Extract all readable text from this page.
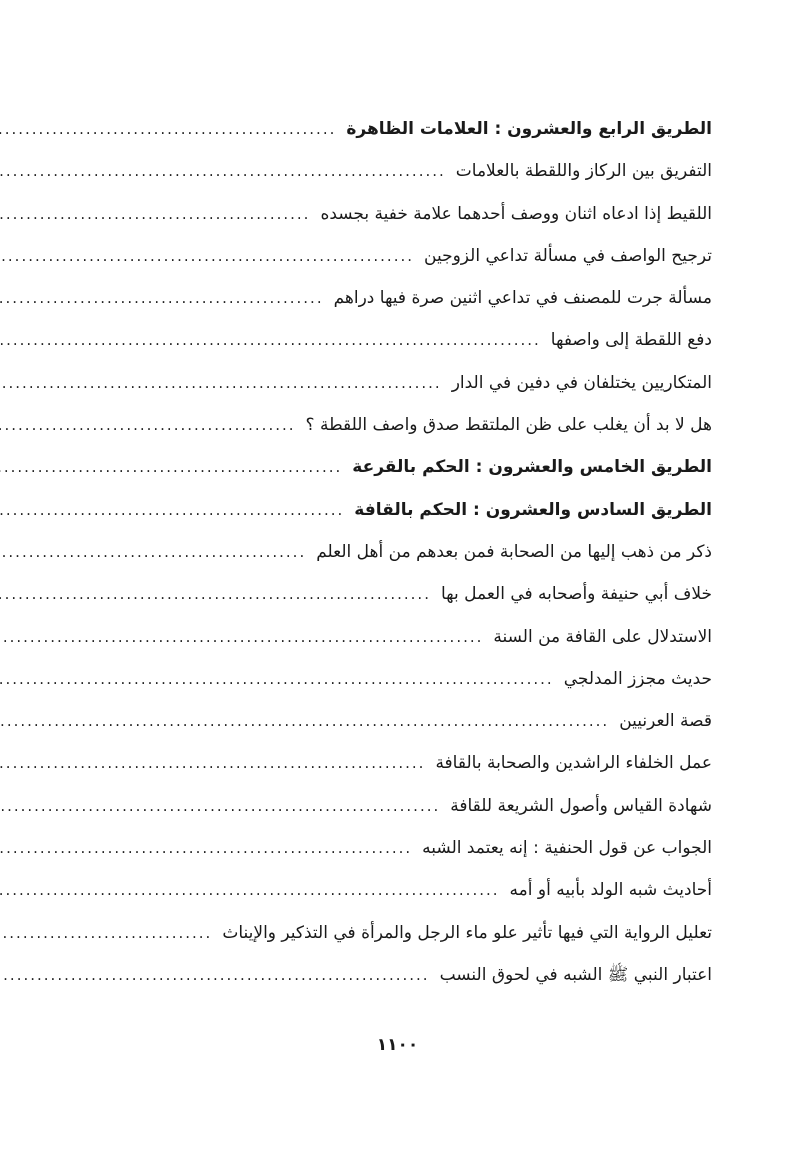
الطريق الرابع والعشرون : العلامات الظاهرة
.....
التفريق بين الركاز واللقطة بالعلامات
.....
اللقيط إذا ادعاه اثنان ووصف أحدهما علامة خفية بجسده
.....
ترجيح الواصف في مسألة تداعي الزوجين
.....
مسألة جرت للمصنف في تداعي اثنين صرة فيها دراهم
.....
دفع اللقطة إلى واصفها
.....
المتكاريين يختلفان في دفين في الدار
.....
هل لا بد أن يغلب على ظن الملتقط صدق واصف اللقطة ؟
.....
الطريق الخامس والعشرون : الحكم بالقرعة
.....
الطريق السادس والعشرون : الحكم بالقافة
.....
ذكر من ذهب إليها من الصحابة فمن بعدهم من أهل العلم
.....
خلاف أبي حنيفة وأصحابه في العمل بها
.....
الاستدلال على القافة من السنة
.....
حديث مجزز المدلجي
.....
قصة العرنيين
.....
عمل الخلفاء الراشدين والصحابة بالقافة
.....
شهادة القياس وأصول الشريعة للقافة
.....
الجواب عن قول الحنفية : إنه يعتمد الشبه
.....
أحاديث شبه الولد بأبيه أو أمه
.....
تعليل الرواية التي فيها تأثير علو ماء الرجل والمرأة في التذكير والإيناث
.....
اعتبار النبي ﷺ الشبه في لحوق النسب
.....
١١٠٠
